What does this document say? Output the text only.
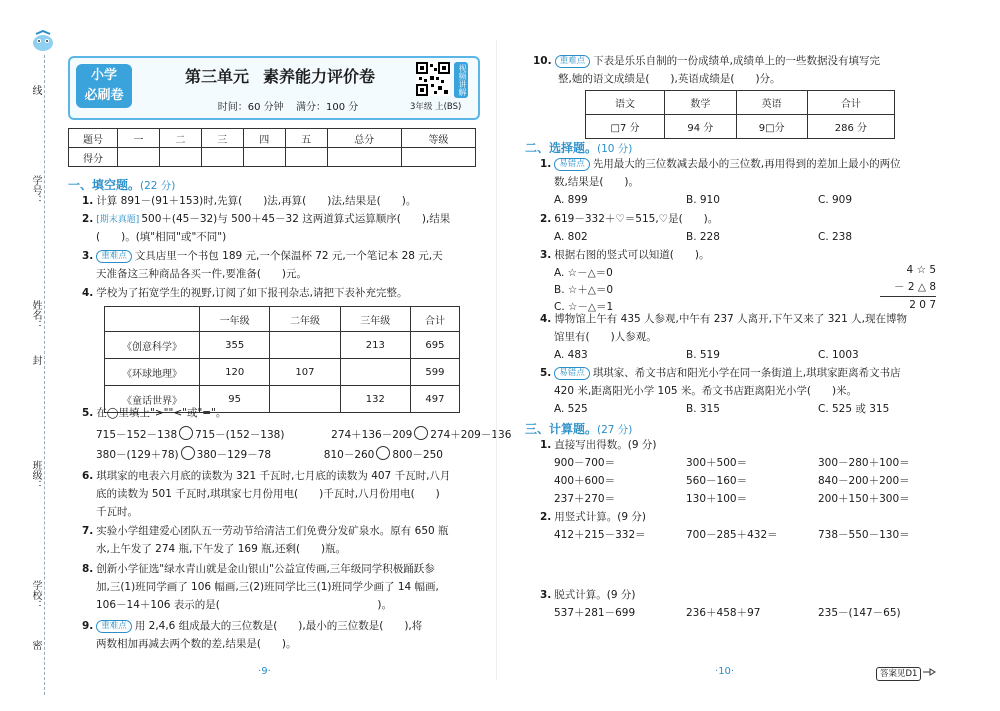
线
学号：
姓名：
封
班级：
学校：
密
小学
必刷卷
第三单元 素养能力评价卷
时间：60 分钟 满分：100 分
视频讲解
3年级 上(BS)
题号	一	二	三	四	五	总分	等级
得分							
一、填空题。(22 分)
1. 计算 891－(91＋153)时,先算(　　)法,再算(　　)法,结果是(　　)。
2. [期末真题] 500＋(45－32)与 500＋45－32 这两道算式运算顺序(　　),结果
(　　)。(填"相同"或"不同")
3. 重难点 文具店里一个书包 189 元,一个保温杯 72 元,一个笔记本 28 元,天
天准备这三种商品各买一件,要准备(　　)元。
4. 学校为了拓宽学生的视野,订阅了如下报刊杂志,请把下表补充完整。
	一年级	二年级	三年级	合计
《创意科学》	355		213	695
《环球地理》	120	107		599
《童话世界》	95		132	497
5. 在◯里填上">""<"或"="。
715－152－138 715－(152－138)	274＋136－209 274＋209－136
380－(129＋78) 380－129－78	810－260 800－250
6. 琪琪家的电表六月底的读数为 321 千瓦时,七月底的读数为 407 千瓦时,八月
底的读数为 501 千瓦时,琪琪家七月份用电(　　)千瓦时,八月份用电(　　)
千瓦时。
7. 实验小学组建爱心团队五一劳动节给清洁工们免费分发矿泉水。原有 650 瓶
水,上午发了 274 瓶,下午发了 169 瓶,还剩(　　)瓶。
8. 创新小学征选"绿水青山就是金山银山"公益宣传画,三年级同学积极踊跃参
加,三(1)班同学画了 106 幅画,三(2)班同学比三(1)班同学少画了 14 幅画,
106－14＋106 表示的是(　　　　　　　　　　　　　　　)。
9. 重难点 用 2,4,6 组成最大的三位数是(　　),最小的三位数是(　　),将
两数相加再减去两个数的差,结果是(　　)。
·9·
10. 重难点 下表是乐乐自制的一份成绩单,成绩单上的一些数据没有填写完
整,她的语文成绩是(　　),英语成绩是(　　)分。
语文	数学	英语	合计
□7 分	94 分	9□分	286 分
二、选择题。(10 分)
1. 易错点 先用最大的三位数减去最小的三位数,再用得到的差加上最小的两位
数,结果是(　　)。
A. 899	B. 910	C. 909
2. 619－332＋♡＝515,♡是(　　)。
A. 802	B. 228	C. 238
3. 根据右图的竖式可以知道(　　)。
A. ☆－△＝0
B. ☆＋△＝0
C. ☆－△＝1
4 ☆ 5
－ 2 △ 8
2 0 7
4. 博物馆上午有 435 人参观,中午有 237 人离开,下午又来了 321 人,现在博物
馆里有(　　)人参观。
A. 483	B. 519	C. 1003
5. 易错点 琪琪家、希文书店和阳光小学在同一条街道上,琪琪家距离希文书店
420 米,距离阳光小学 105 米。希文书店距离阳光小学(　　)米。
A. 525	B. 315	C. 525 或 315
三、计算题。(27 分)
1. 直接写出得数。(9 分)
900－700＝	300＋500＝	300－280＋100＝
400＋600＝	560－160＝	840－200＋200＝
237＋270＝	130＋100＝	200＋150＋300＝
2. 用竖式计算。(9 分)
412＋215－332＝	700－285＋432＝	738－550－130＝
3. 脱式计算。(9 分)
537＋281－699	236＋458＋97	235－(147－65)
·10·	答案见D1
